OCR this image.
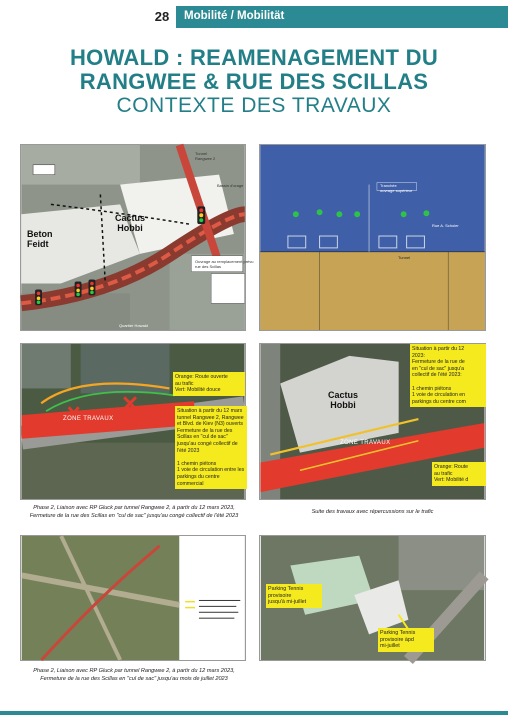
28	Mobilité / Mobilität
HOWALD : REAMENAGEMENT DU
RANGWEE & RUE DES SCILLAS
CONTEXTE DES TRAVAUX
Beton
Feidt
Cactus
Hobbi
Tunnel
Rangwee 2
Bassin d'orage
Ouvrage au remplacement prévu
rue des Scillas
Quartier Howald
Tranchée
ouvrage supérieur
Rue A. Scholer
Tunnel
Orange: Route ouverte
au trafic
Vert: Mobilité douce
Situation à partir du 12 mars
tunnel Rangwee 2, Rangwee
et Blvd. de Kiev (N3) ouverts
Fermeture de la rue des
Scillas en "cul de sac"
jusqu'au congé collectif de
l'été 2023

1 chemin piétons
1 voie de circulation entre les
parkings du centre
commercial
ZONE TRAVAUX
Phase 2, Liaison avec RP Gluck par tunnel Rangwee 2, à partir du 12 mars 2023,
Fermeture de la rue des Scillas en "cul de sac" jusqu'au congé collectif de l'été 2023
Cactus
Hobbi
Situation à partir du 12
2023:
Fermeture de la rue de
en "cul de sac" jusqu'a
collectif de l'été 2023:

1 chemin piétons
1 voie de circulation en
parkings du centre com
Orange: Route
au trafic
Vert: Mobilité d
ZONE TRAVAUX
Suite des travaux avec répercussions sur le trafic
Phase 2, Liaison avec RP Gluck par tunnel Rangwee 2, à partir du 12 mars 2023,
Fermeture de la rue des Scillas en "cul de sac" jusqu'au mois de juillet 2023
Parking Tennis
provisoire
jusqu'à mi-juillet
Parking Tennis
provisoire àpd
mi-juillet
